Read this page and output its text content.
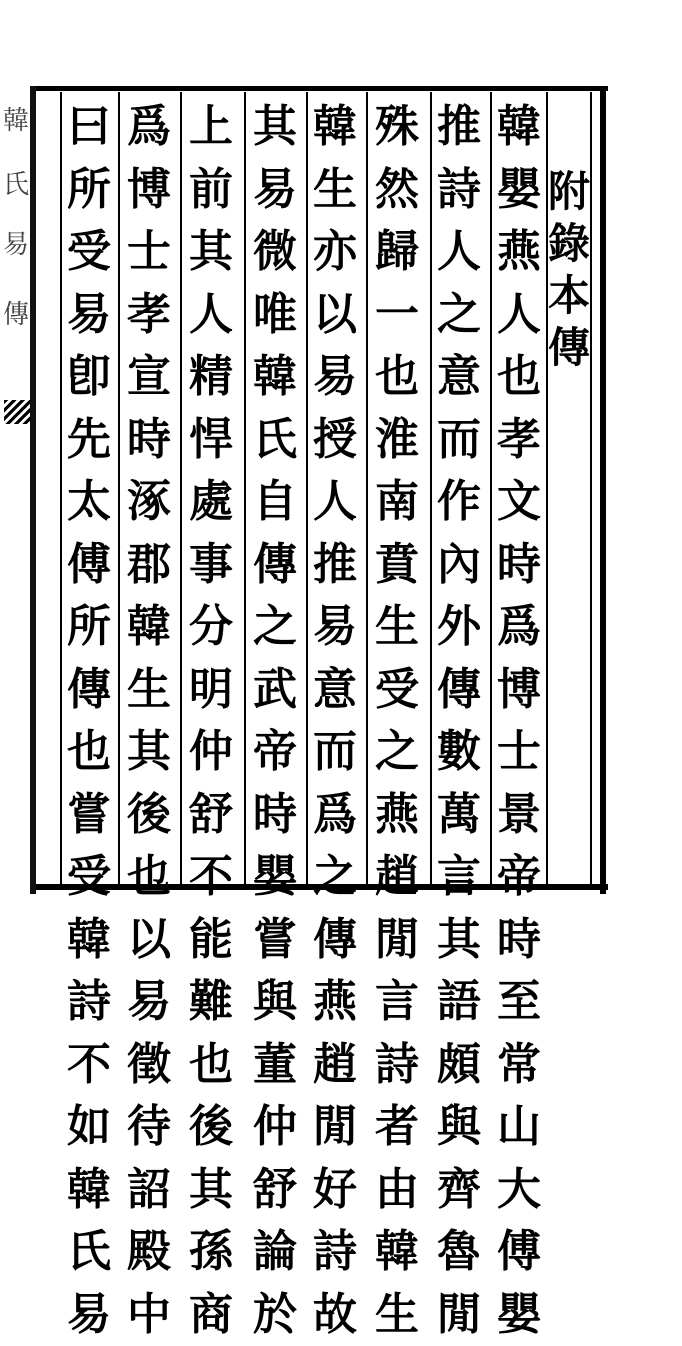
韓
氏
易
傳
附
錄
本
傳
韓
嬰
燕
人
也
孝
文
時
爲
博
士
景
帝
時
至
常
山
大
傅
嬰
推
詩
人
之
意
而
作
內
外
傳
數
萬
言
其
語
頗
與
齊
魯
閒
殊
然
歸
一
也
淮
南
賁
生
受
之
燕
趙
閒
言
詩
者
由
韓
生
韓
生
亦
以
易
授
人
推
易
意
而
爲
之
傳
燕
趙
閒
好
詩
故
其
易
微
唯
韓
氏
自
傳
之
武
帝
時
嬰
嘗
與
董
仲
舒
論
於
上
前
其
人
精
悍
處
事
分
明
仲
舒
不
能
難
也
後
其
孫
商
爲
博
士
孝
宣
時
涿
郡
韓
生
其
後
也
以
易
徵
待
詔
殿
中
曰
所
受
易
卽
先
太
傅
所
傳
也
嘗
受
韓
詩
不
如
韓
氏
易
